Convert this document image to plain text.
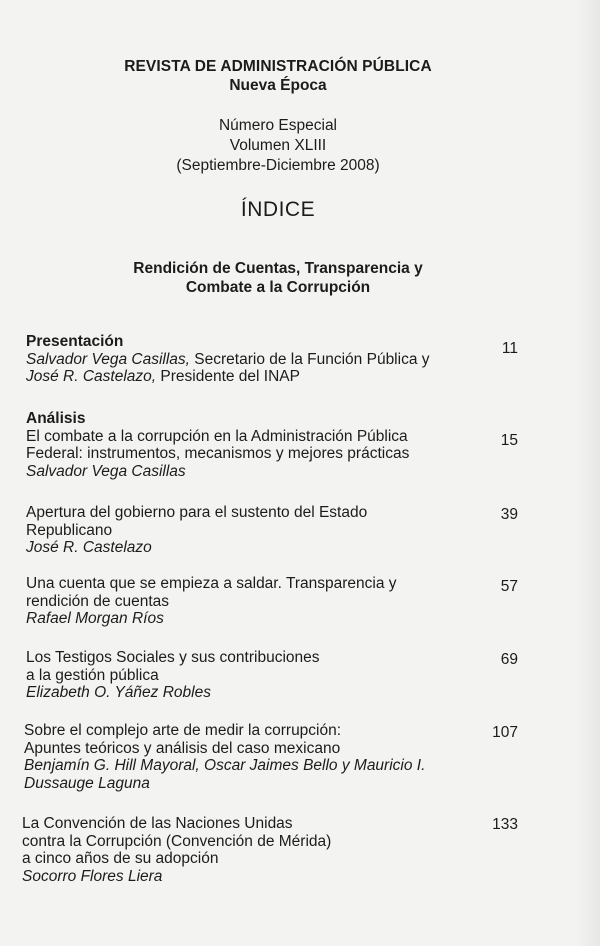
REVISTA DE ADMINISTRACIÓN PÚBLICA
Nueva Época
Número Especial
Volumen XLIII
(Septiembre-Diciembre 2008)
ÍNDICE
Rendición de Cuentas, Transparencia y
Combate a la Corrupción
Presentación
Salvador Vega Casillas, Secretario de la Función Pública y
José R. Castelazo, Presidente del INAP
11
Análisis
El combate a la corrupción en la Administración Pública
Federal: instrumentos, mecanismos y mejores prácticas
Salvador Vega Casillas
15
Apertura del gobierno para el sustento del Estado
Republicano
José R. Castelazo
39
Una cuenta que se empieza a saldar. Transparencia y
rendición de cuentas
Rafael Morgan Ríos
57
Los Testigos Sociales y sus contribuciones
a la gestión pública
Elizabeth O. Yáñez Robles
69
Sobre el complejo arte de medir la corrupción:
Apuntes teóricos y análisis del caso mexicano
Benjamín G. Hill Mayoral, Oscar Jaimes Bello y Mauricio I.
Dussauge Laguna
107
La Convención de las Naciones Unidas
contra la Corrupción (Convención de Mérida)
a cinco años de su adopción
Socorro Flores Liera
133
